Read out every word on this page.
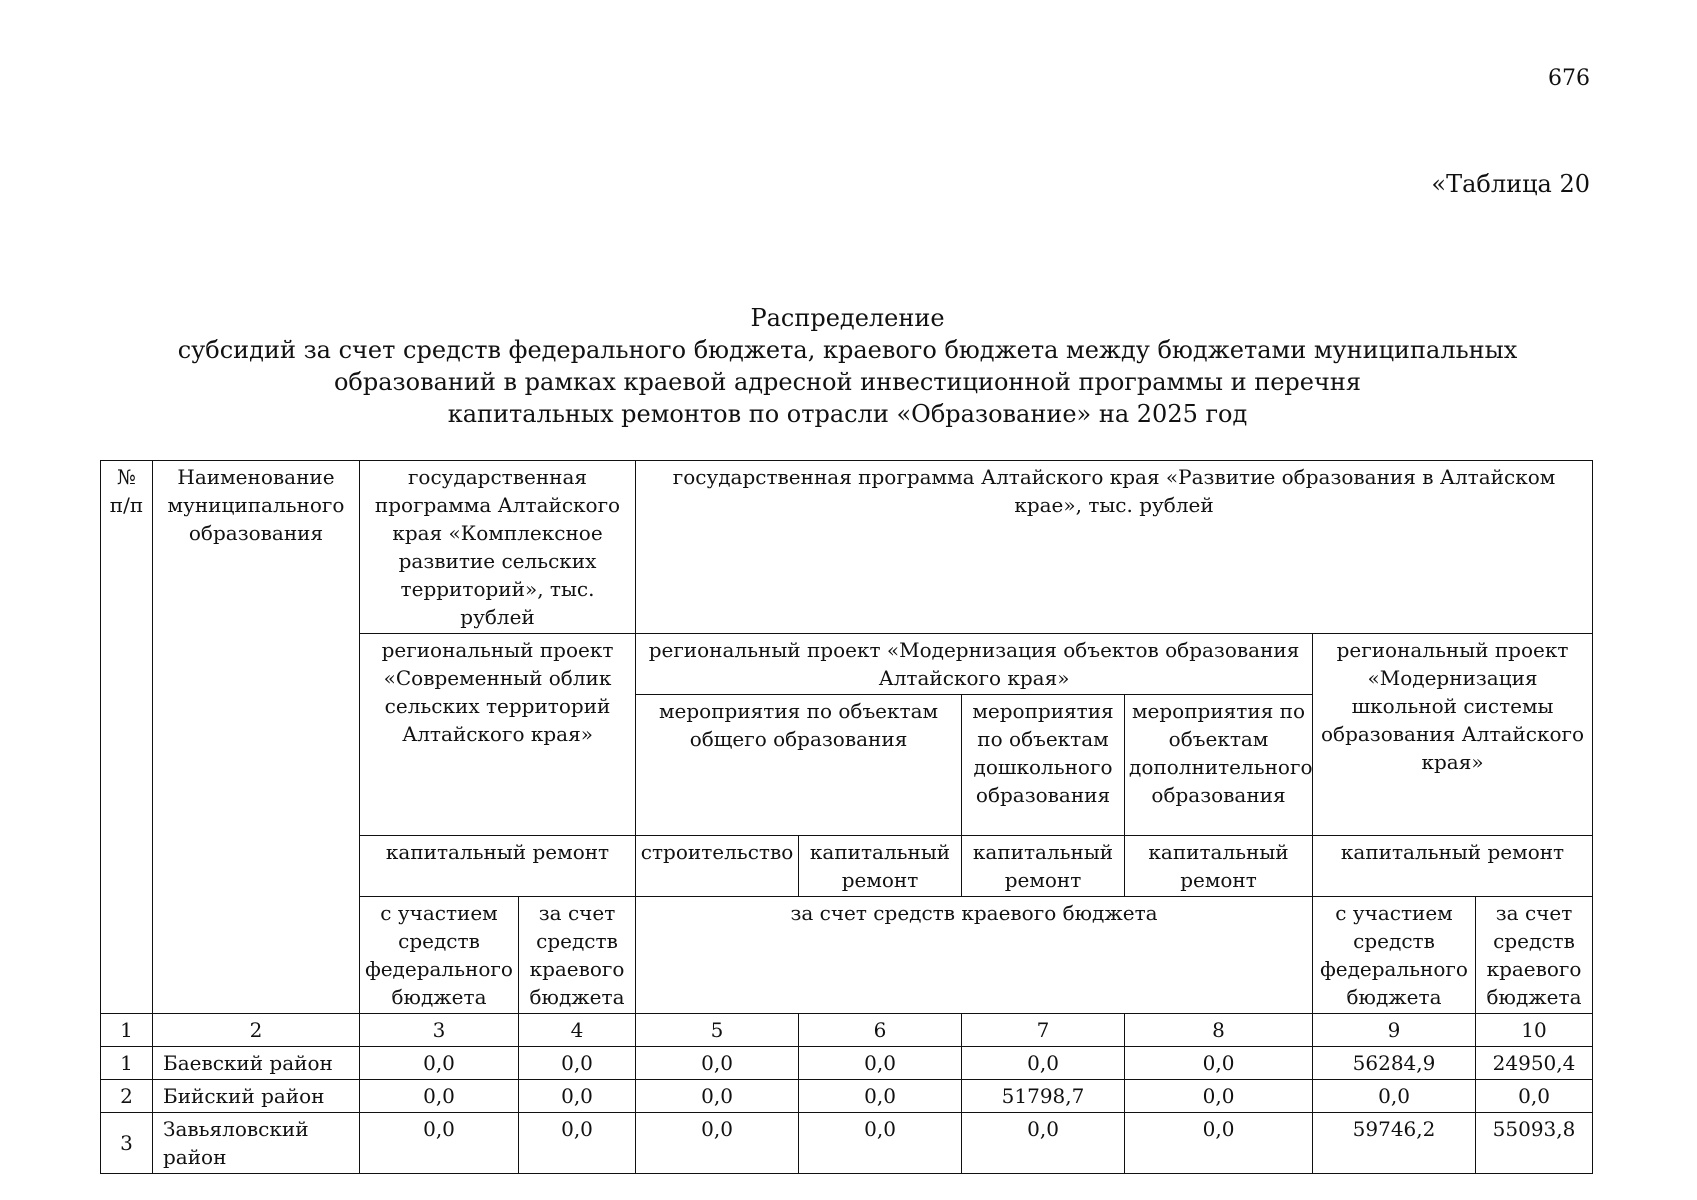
676
«Таблица 20
Распределение
субсидий за счет средств федерального бюджета, краевого бюджета между бюджетами муниципальных
образований в рамках краевой адресной инвестиционной программы и перечня
капитальных ремонтов по отрасли «Образование» на 2025 год
№ п/п	Наименование муниципального образования	государственная программа Алтайского края «Комплексное развитие сельских территорий», тыс. рублей		государственная программа Алтайского края «Развитие образования в Алтайском крае», тыс. рублей					
		региональный проект «Современный облик сельских территорий Алтайского края»		региональный проект «Модернизация объектов образования Алтайского края»				региональный проект «Модернизация школьной системы образования Алтайского края»	
				мероприятия по объектам общего образования		мероприятия по объектам дошкольного образования	мероприятия по объектам дополнительного образования		
		капитальный ремонт		строительство	капитальный ремонт	капитальный ремонт	капитальный ремонт	капитальный ремонт	
		с участием средств федерального бюджета	за счет средств краевого бюджета	за счет средств краевого бюджета				с участием средств федерального бюджета	за счет средств краевого бюджета
1	2	3	4	5	6	7	8	9	10
1	Баевский район	0,0	0,0	0,0	0,0	0,0	0,0	56284,9	24950,4
2	Бийский район	0,0	0,0	0,0	0,0	51798,7	0,0	0,0	0,0
3	Завьяловский район	0,0	0,0	0,0	0,0	0,0	0,0	59746,2	55093,8
